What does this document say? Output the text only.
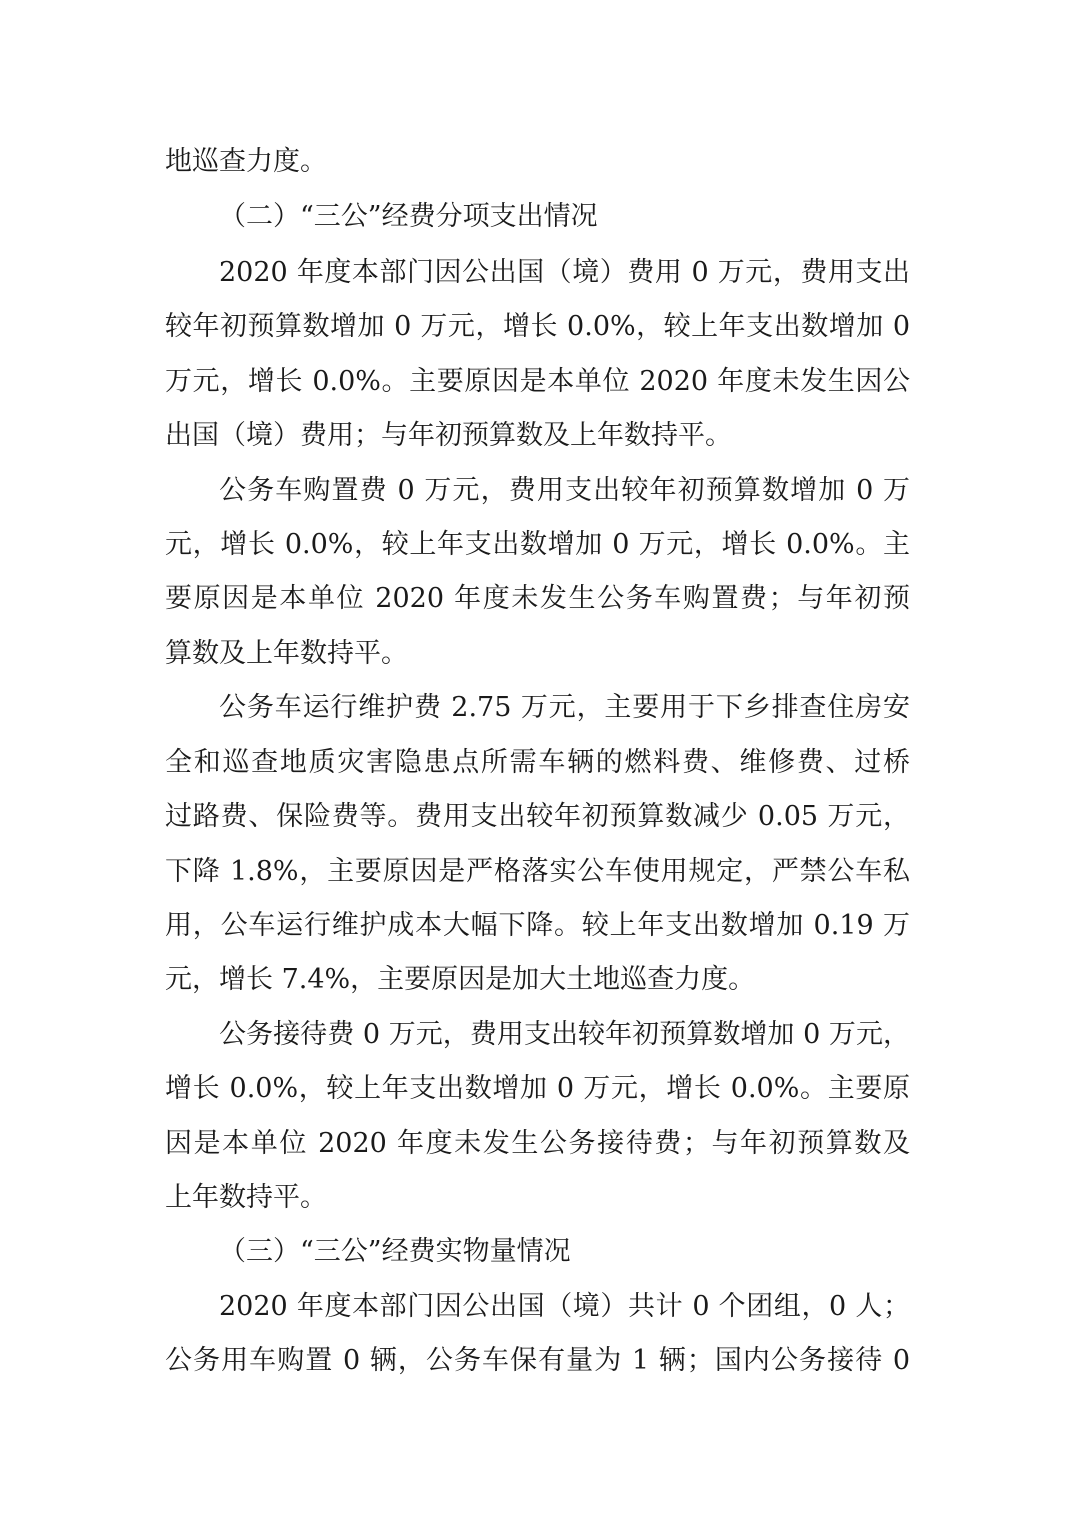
地巡查力度。
（二）“三公”经费分项支出情况
2020 年度本部门因公出国（境）费用 0 万元，费用支出
较年初预算数增加 0 万元，增长 0.0%，较上年支出数增加 0
万元，增长 0.0%。主要原因是本单位 2020 年度未发生因公
出国（境）费用；与年初预算数及上年数持平。
公务车购置费 0 万元，费用支出较年初预算数增加 0 万
元，增长 0.0%，较上年支出数增加 0 万元，增长 0.0%。主
要原因是本单位 2020 年度未发生公务车购置费；与年初预
算数及上年数持平。
公务车运行维护费 2.75 万元，主要用于下乡排查住房安
全和巡查地质灾害隐患点所需车辆的燃料费、维修费、过桥
过路费、保险费等。费用支出较年初预算数减少 0.05 万元，
下降 1.8%，主要原因是严格落实公车使用规定，严禁公车私
用，公车运行维护成本大幅下降。较上年支出数增加 0.19 万
元，增长 7.4%，主要原因是加大土地巡查力度。
公务接待费 0 万元，费用支出较年初预算数增加 0 万元，
增长 0.0%，较上年支出数增加 0 万元，增长 0.0%。主要原
因是本单位 2020 年度未发生公务接待费；与年初预算数及
上年数持平。
（三）“三公”经费实物量情况
2020 年度本部门因公出国（境）共计 0 个团组，0 人；
公务用车购置 0 辆，公务车保有量为 1 辆；国内公务接待 0
